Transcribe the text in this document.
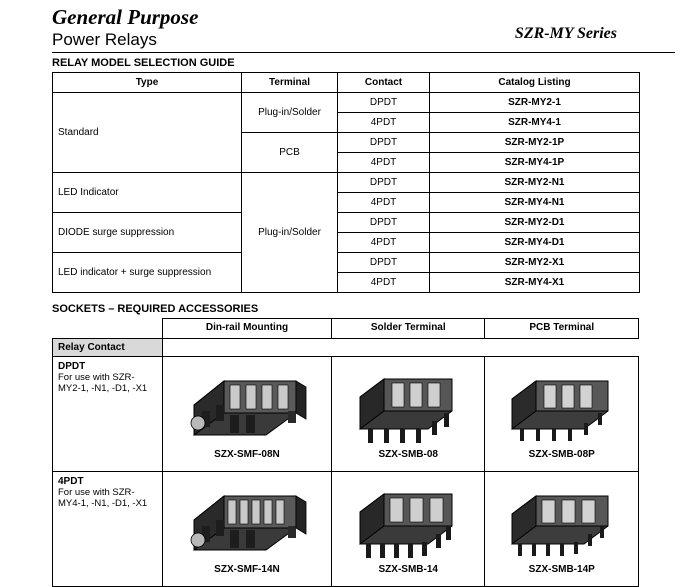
General Purpose
Power Relays	SZR-MY Series
RELAY MODEL SELECTION GUIDE
Type	Terminal	Contact	Catalog Listing
Standard	Plug-in/Solder	DPDT	SZR-MY2-1
		4PDT	SZR-MY4-1
	PCB	DPDT	SZR-MY2-1P
		4PDT	SZR-MY4-1P
LED Indicator	Plug-in/Solder	DPDT	SZR-MY2-N1
		4PDT	SZR-MY4-N1
DIODE surge suppression		DPDT	SZR-MY2-D1
		4PDT	SZR-MY4-D1
LED indicator + surge suppression		DPDT	SZR-MY2-X1
		4PDT	SZR-MY4-X1
SOCKETS – REQUIRED ACCESSORIES
	Din-rail Mounting	Solder Terminal	PCB Terminal
Relay Contact			
DPDT
For use with SZR-MY2-1, -N1, -D1, -X1	SZX-SMF-08N	SZX-SMB-08	SZX-SMB-08P

4PDT
For use with SZR-MY4-1, -N1, -D1, -X1	SZX-SMF-14N	SZX-SMB-14	SZX-SMB-14P
